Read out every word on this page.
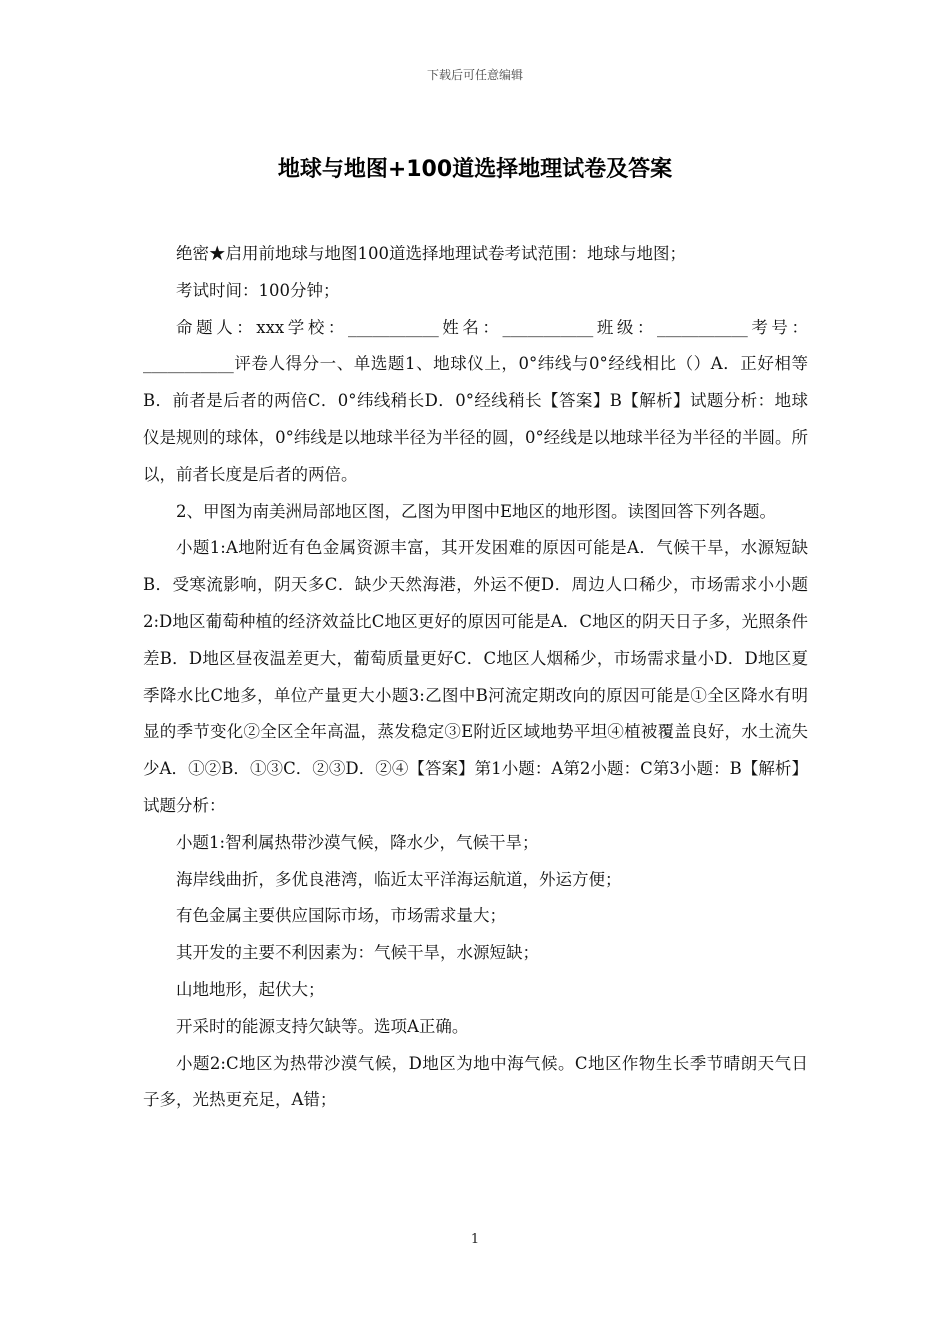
下载后可任意编辑
地球与地图+100道选择地理试卷及答案

绝密★启用前地球与地图100道选择地理试卷考试范围：地球与地图；

考试时间：100分钟；

命题人：xxx学校：___________姓名：___________班级：___________考号：___________评卷人得分一、单选题1、地球仪上，0°纬线与0°经线相比（）A．正好相等B．前者是后者的两倍C．0°纬线稍长D．0°经线稍长【答案】B【解析】试题分析：地球仪是规则的球体，0°纬线是以地球半径为半径的圆，0°经线是以地球半径为半径的半圆。所以，前者长度是后者的两倍。

2、甲图为南美洲局部地区图，乙图为甲图中E地区的地形图。读图回答下列各题。

小题1:A地附近有色金属资源丰富，其开发困难的原因可能是A．气候干旱，水源短缺B．受寒流影响，阴天多C．缺少天然海港，外运不便D．周边人口稀少，市场需求小小题2:D地区葡萄种植的经济效益比C地区更好的原因可能是A．C地区的阴天日子多，光照条件差B．D地区昼夜温差更大，葡萄质量更好C．C地区人烟稀少，市场需求量小D．D地区夏季降水比C地多，单位产量更大小题3:乙图中B河流定期改向的原因可能是①全区降水有明显的季节变化②全区全年高温，蒸发稳定③E附近区域地势平坦④植被覆盖良好，水土流失少A．①②B．①③C．②③D．②④【答案】第1小题：A第2小题：C第3小题：B【解析】试题分析：

小题1:智利属热带沙漠气候，降水少，气候干旱；

海岸线曲折，多优良港湾，临近太平洋海运航道，外运方便；

有色金属主要供应国际市场，市场需求量大；

其开发的主要不利因素为：气候干旱，水源短缺；

山地地形，起伏大；

开采时的能源支持欠缺等。选项A正确。

小题2:C地区为热带沙漠气候，D地区为地中海气候。C地区作物生长季节晴朗天气日子多，光热更充足，A错；

1
